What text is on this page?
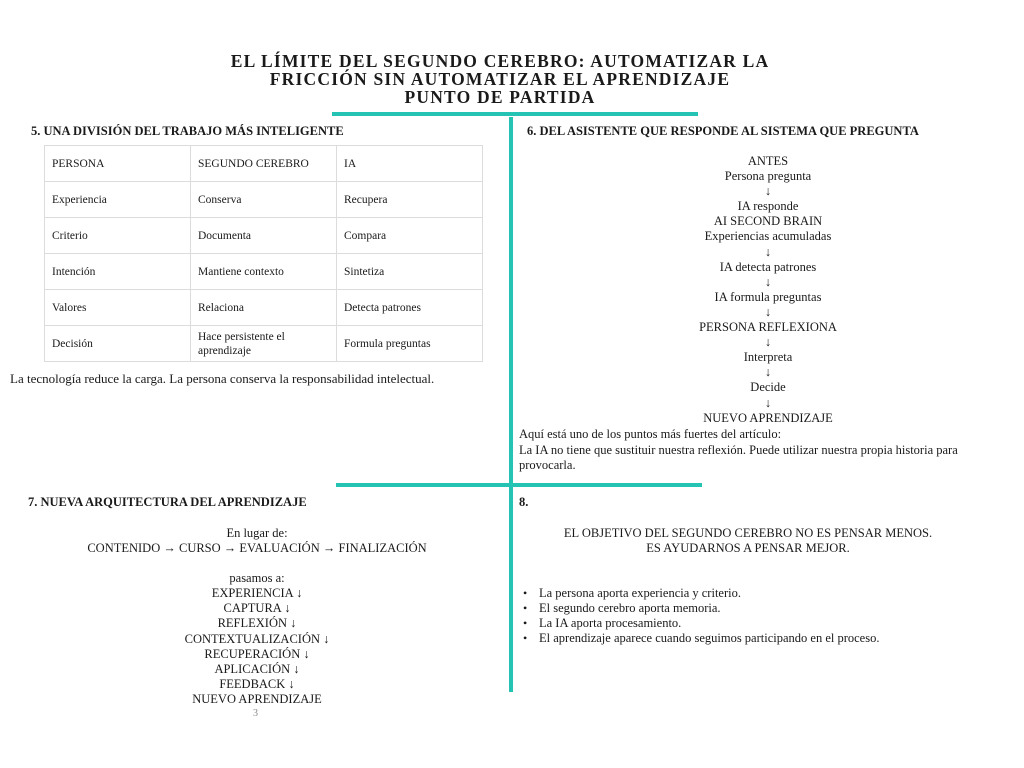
EL LÍMITE DEL SEGUNDO CEREBRO: AUTOMATIZAR LA
FRICCIÓN SIN AUTOMATIZAR EL APRENDIZAJE
PUNTO DE PARTIDA
5. UNA DIVISIÓN DEL TRABAJO MÁS INTELIGENTE
PERSONA	SEGUNDO CEREBRO	IA
Experiencia	Conserva	Recupera
Criterio	Documenta	Compara
Intención	Mantiene contexto	Sintetiza
Valores	Relaciona	Detecta patrones
Decisión	Hace persistente el aprendizaje	Formula preguntas
La tecnología reduce la carga. La persona conserva la responsabilidad intelectual.
6. DEL ASISTENTE QUE RESPONDE AL SISTEMA QUE PREGUNTA
ANTES
Persona pregunta
↓
IA responde
AI SECOND BRAIN
Experiencias acumuladas
↓
IA detecta patrones
↓
IA formula preguntas
↓
PERSONA REFLEXIONA
↓
Interpreta
↓
Decide
↓
NUEVO APRENDIZAJE
Aquí está uno de los puntos más fuertes del artículo:
La IA no tiene que sustituir nuestra reflexión. Puede utilizar nuestra propia historia para provocarla.
7. NUEVA ARQUITECTURA DEL APRENDIZAJE
En lugar de:
CONTENIDO → CURSO → EVALUACIÓN → FINALIZACIÓN
pasamos a:
EXPERIENCIA ↓
CAPTURA ↓
REFLEXIÓN ↓
CONTEXTUALIZACIÓN ↓
RECUPERACIÓN ↓
APLICACIÓN ↓
FEEDBACK ↓
NUEVO APRENDIZAJE
3
8.
EL OBJETIVO DEL SEGUNDO CEREBRO NO ES PENSAR MENOS.
ES AYUDARNOS A PENSAR MEJOR.
• La persona aporta experiencia y criterio.
• El segundo cerebro aporta memoria.
• La IA aporta procesamiento.
• El aprendizaje aparece cuando seguimos participando en el proceso.
